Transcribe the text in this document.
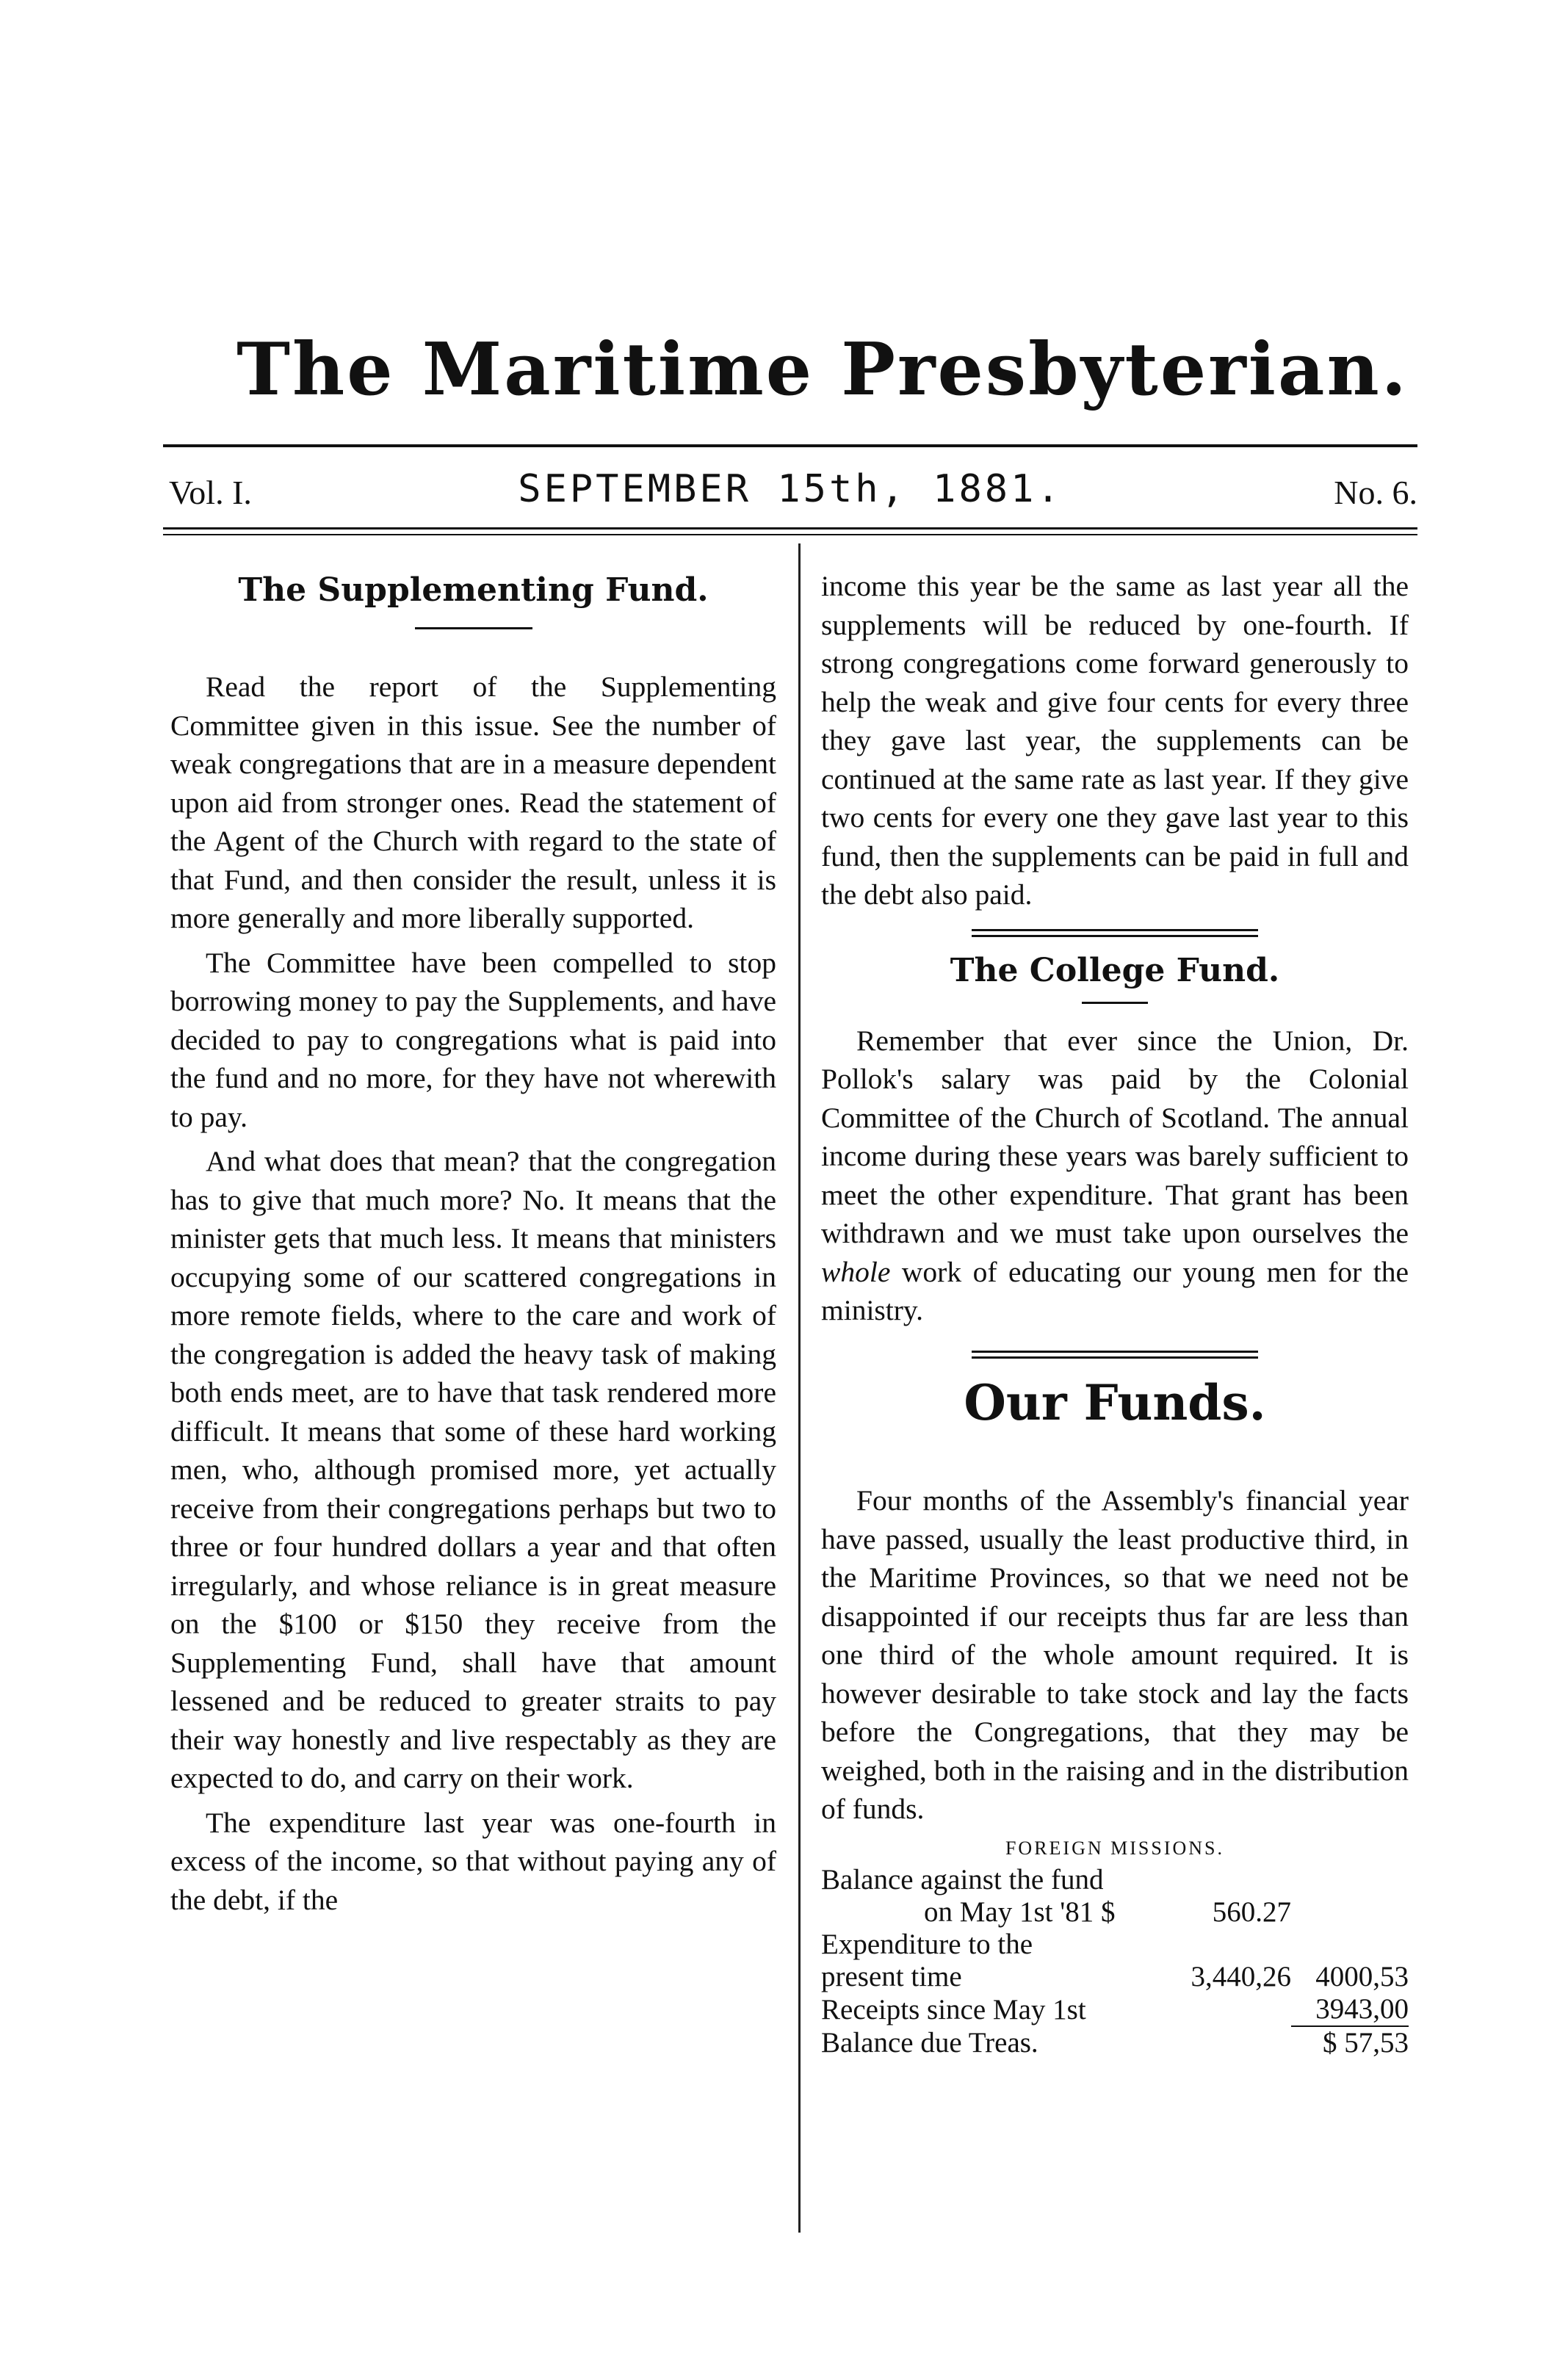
The Maritime Presbyterian.
Vol. I.	SEPTEMBER 15th, 1881.	No. 6.
The Supplementing Fund.

Read the report of the Supplementing Committee given in this issue. See the number of weak congregations that are in a measure dependent upon aid from stronger ones. Read the statement of the Agent of the Church with regard to the state of that Fund, and then consider the result, unless it is more generally and more liberally supported.

The Committee have been compelled to stop borrowing money to pay the Supplements, and have decided to pay to congregations what is paid into the fund and no more, for they have not wherewith to pay.

And what does that mean? that the congregation has to give that much more? No. It means that the minister gets that much less. It means that ministers occupying some of our scattered congregations in more remote fields, where to the care and work of the congregation is added the heavy task of making both ends meet, are to have that task rendered more difficult. It means that some of these hard working men, who, although promised more, yet actually receive from their congregations perhaps but two to three or four hundred dollars a year and that often irregularly, and whose reliance is in great measure on the $100 or $150 they receive from the Supplementing Fund, shall have that amount lessened and be reduced to greater straits to pay their way honestly and live respectably as they are expected to do, and carry on their work.

The expenditure last year was one-fourth in excess of the income, so that without paying any of the debt, if the

income this year be the same as last year all the supplements will be reduced by one-fourth. If strong congregations come forward generously to help the weak and give four cents for every three they gave last year, the supplements can be continued at the same rate as last year. If they give two cents for every one they gave last year to this fund, then the supplements can be paid in full and the debt also paid.

The College Fund.

Remember that ever since the Union, Dr. Pollok's salary was paid by the Colonial Committee of the Church of Scotland. The annual income during these years was barely sufficient to meet the other expenditure. That grant has been withdrawn and we must take upon ourselves the whole work of educating our young men for the ministry.

Our Funds.

Four months of the Assembly's financial year have passed, usually the least productive third, in the Maritime Provinces, so that we need not be disappointed if our receipts thus far are less than one third of the whole amount required. It is however desirable to take stock and lay the facts before the Congregations, that they may be weighed, both in the raising and in the distribution of funds.

FOREIGN MISSIONS.
Balance against the fund		
on May 1st '81 $	560.27	
Expenditure to the		
present time	3,440,26	4000,53
Receipts since May 1st		3943,00
Balance due Treas.		$ 57,53
